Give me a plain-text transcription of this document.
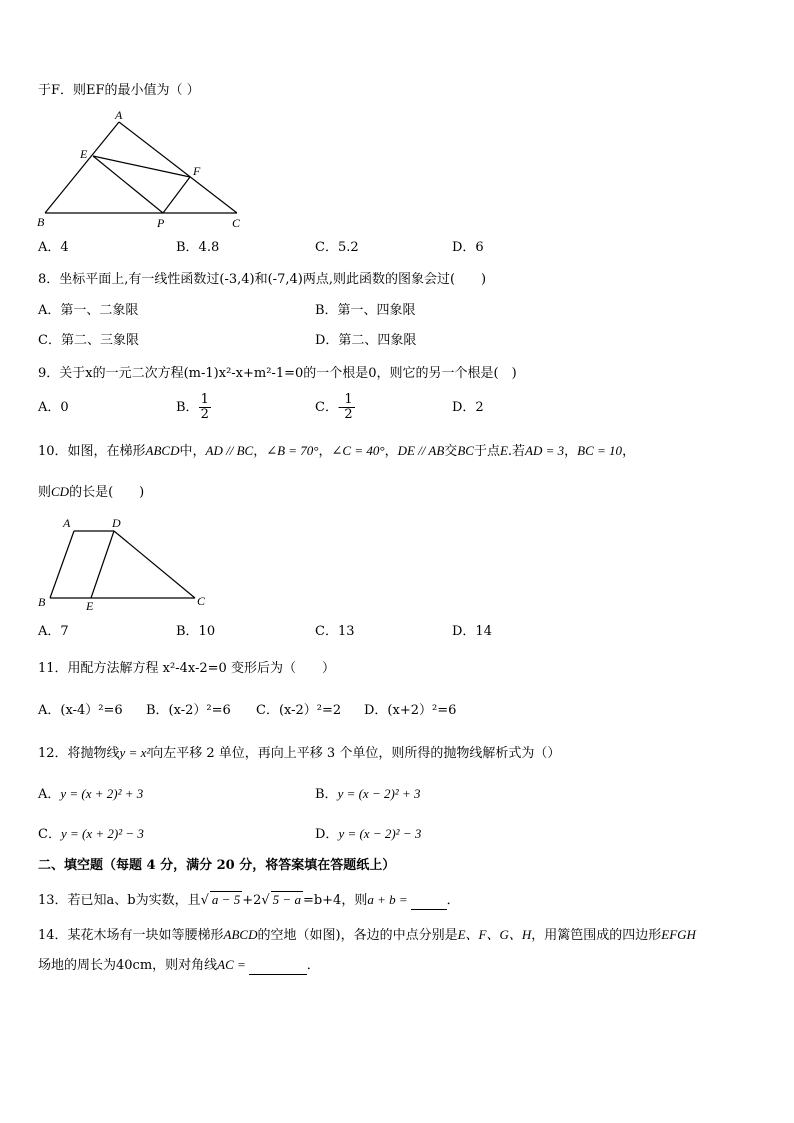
于F．则EF的最小值为（ ）
A
E
F
B	P	C
A．4	B．4.8	C．5.2	D．6
8．坐标平面上,有一线性函数过(-3,4)和(-7,4)两点,则此函数的图象会过(　　)
A．第一、二象限	B．第一、四象限
C．第二、三象限	D．第二、四象限
9．关于x的一元二次方程(m-1)x²-x+m²-1=0的一个根是0，则它的另一个根是(　)
A．0	B． $\frac{1}{2}$	C．- $\frac{1}{2}$	D．2
10．如图，在梯形ABCD中，AD // BC，∠B = 70°，∠C = 40°，DE // AB交BC于点E.若AD = 3，BC = 10，
则CD的长是(　　)
A	D
B	E	C
A．7	B．10	C．13	D．14
11．用配方法解方程 x²-4x-2=0 变形后为（　　）
A．(x-4）²=6 B．(x-2）²=6 C．(x-2）²=2 D．(x+2）²=6
12．将抛物线y = x²向左平移 2 单位，再向上平移 3 个单位，则所得的抛物线解析式为（）
A．y = (x + 2)² + 3	B．y = (x − 2)² + 3
C．y = (x + 2)² − 3	D．y = (x − 2)² − 3
二、填空题（每题 4 分，满分 20 分，将答案填在答题纸上）
13．若已知a、b为实数，且√ a − 5 +2√ 5 − a =b+4，则a + b =	．
14．某花木场有一块如等腰梯形ABCD的空地（如图)，各边的中点分别是E、F、G、H，用篱笆围成的四边形EFGH
场地的周长为40cm，则对角线AC =	．
